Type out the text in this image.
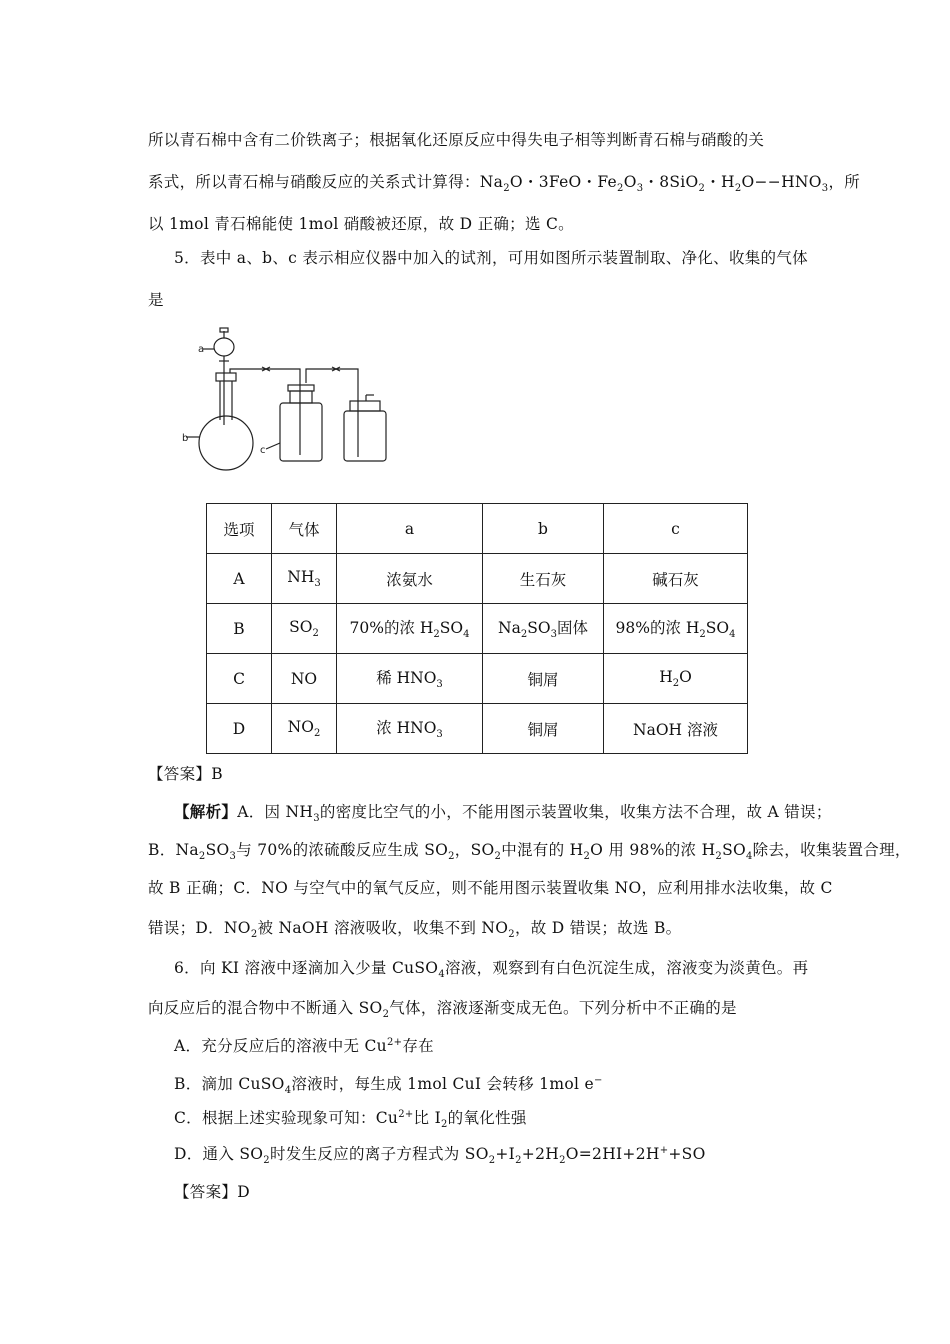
所以青石棉中含有二价铁离子；根据氧化还原反应中得失电子相等判断青石棉与硝酸的关
系式，所以青石棉与硝酸反应的关系式计算得：$Na_2O$・3FeO・$Fe_2O_3$・8SiO$_2$・$H_2O--HNO_3$，所
以 1mol 青石棉能使 1mol 硝酸被还原，故 D 正确；选 C。
5．表中 a、b、c 表示相应仪器中加入的试剂，可用如图所示装置制取、净化、收集的气体
是
a
b
c
选项	气体	a	b	c
A	$NH_3$	浓氨水	生石灰	碱石灰
B	$SO_2$	70%的浓 $H_2SO_4$	$Na_2SO_3$固体	98%的浓 $H_2SO_4$
C	NO	稀 $HNO_3$	铜屑	$H_2O$
D	$NO_2$	浓 $HNO_3$	铜屑	NaOH 溶液
【答案】B
【解析】A．因 $NH_3$的密度比空气的小，不能用图示装置收集，收集方法不合理，故 A 错误；
B．$Na_2SO_3$与 70%的浓硫酸反应生成 $SO_2$，$SO_2$中混有的 $H_2O$ 用 98%的浓 $H_2SO_4$除去，收集装置合理，
故 B 正确；C．NO 与空气中的氧气反应，则不能用图示装置收集 NO，应利用排水法收集，故 C
错误；D．$NO_2$被 NaOH 溶液吸收，收集不到 $NO_2$，故 D 错误；故选 B。
6．向 KI 溶液中逐滴加入少量 CuSO$_4$溶液，观察到有白色沉淀生成，溶液变为淡黄色。再
向反应后的混合物中不断通入 $SO_2$气体，溶液逐渐变成无色。下列分析中不正确的是
A．充分反应后的溶液中无 $Cu^{2+}$存在
B．滴加 CuSO$_4$溶液时，每生成 1mol CuI 会转移 1mol e−
C．根据上述实验现象可知：$Cu^{2+}$比 $I_2$的氧化性强
D．通入 $SO_2$时发生反应的离子方程式为 $SO_2+I_2+2H_2O=2HI+2H^++SO$
【答案】D
